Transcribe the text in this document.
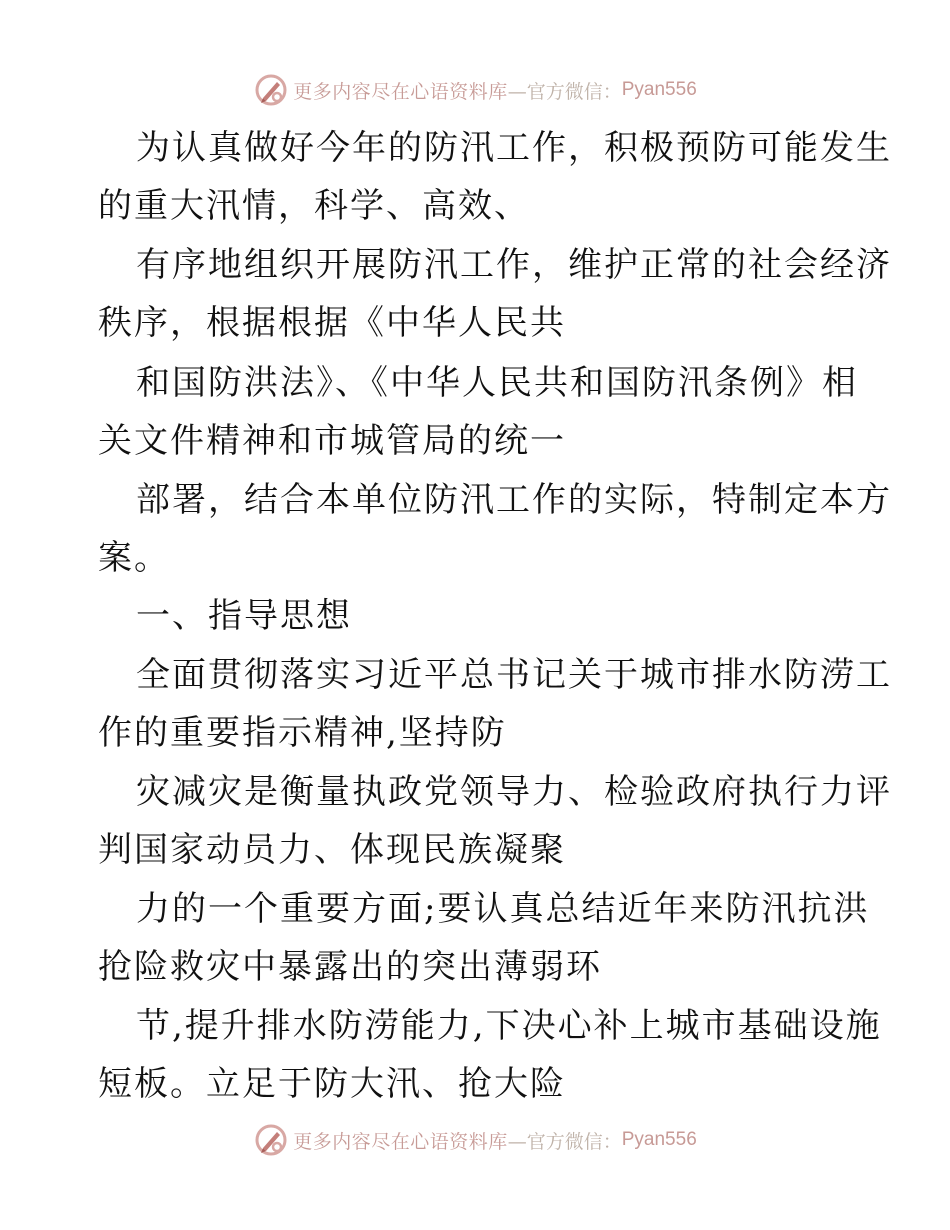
更多内容尽在心语资料库 —官方微信： Pyan556

为认真做好今年的防汛工作，积极预防可能发生

的重大汛情，科学、高效、

有序地组织开展防汛工作，维护正常的社会经济

秩序，根据根据《中华人民共

和国防洪法》、《中华人民共和国防汛条例》相

关文件精神和市城管局的统一

部署，结合本单位防汛工作的实际，特制定本方

案。

一、指导思想

全面贯彻落实习近平总书记关于城市排水防涝工

作的重要指示精神,坚持防

灾减灾是衡量执政党领导力、检验政府执行力评

判国家动员力、体现民族凝聚

力的一个重要方面;要认真总结近年来防汛抗洪

抢险救灾中暴露出的突出薄弱环

节,提升排水防涝能力,下决心补上城市基础设施

短板。立足于防大汛、抢大险

更多内容尽在心语资料库 —官方微信： Pyan556
